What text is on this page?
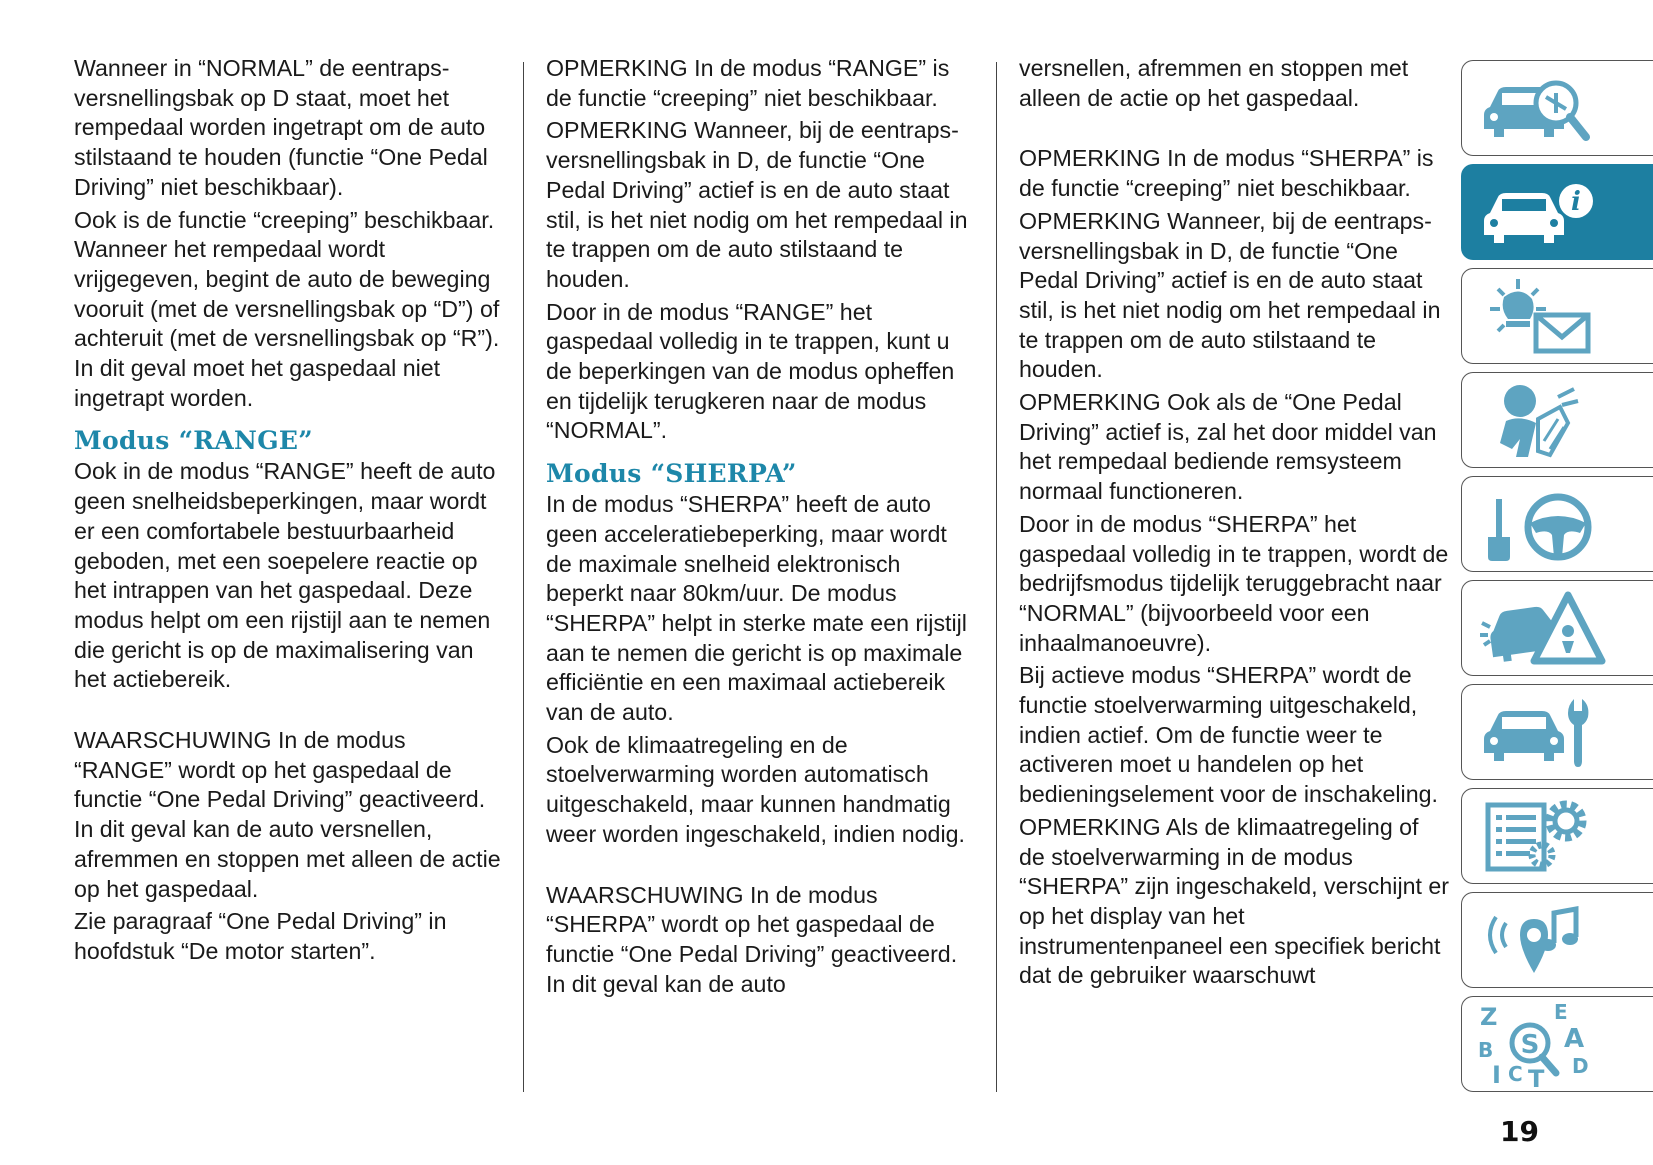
Wanneer in “NORMAL” de eentraps-versnellingsbak op D staat, moet het rempedaal worden ingetrapt om de auto stilstaand te houden (functie “One Pedal Driving” niet beschikbaar).

Ook is de functie “creeping” beschikbaar. Wanneer het rempedaal wordt vrijgegeven, begint de auto de beweging vooruit (met de versnellingsbak op “D”) of achteruit (met de versnellingsbak op “R”). In dit geval moet het gaspedaal niet ingetrapt worden.

Modus “RANGE”

Ook in de modus “RANGE” heeft de auto geen snelheidsbeperkingen, maar wordt er een comfortabele bestuurbaarheid geboden, met een soepelere reactie op het intrappen van het gaspedaal. Deze modus helpt om een rijstijl aan te nemen die gericht is op de maximalisering van het actiebereik.

WAARSCHUWING In de modus “RANGE” wordt op het gaspedaal de functie “One Pedal Driving” geactiveerd. In dit geval kan de auto versnellen, afremmen en stoppen met alleen de actie op het gaspedaal.

Zie paragraaf “One Pedal Driving” in hoofdstuk “De motor starten”.

OPMERKING In de modus “RANGE” is de functie “creeping” niet beschikbaar.

OPMERKING Wanneer, bij de eentraps-versnellingsbak in D, de functie “One Pedal Driving” actief is en de auto staat stil, is het niet nodig om het rempedaal in te trappen om de auto stilstaand te houden.

Door in de modus “RANGE” het gaspedaal volledig in te trappen, kunt u de beperkingen van de modus opheffen en tijdelijk terugkeren naar de modus “NORMAL”.

Modus “SHERPA”

In de modus “SHERPA” heeft de auto geen acceleratiebeperking, maar wordt de maximale snelheid elektronisch beperkt naar 80km/uur. De modus “SHERPA” helpt in sterke mate een rijstijl aan te nemen die gericht is op maximale efficiëntie en een maximaal actiebereik van de auto.

Ook de klimaatregeling en de stoelverwarming worden automatisch uitgeschakeld, maar kunnen handmatig weer worden ingeschakeld, indien nodig.

WAARSCHUWING In de modus “SHERPA” wordt op het gaspedaal de functie “One Pedal Driving” geactiveerd. In dit geval kan de auto

versnellen, afremmen en stoppen met alleen de actie op het gaspedaal.

OPMERKING In de modus “SHERPA” is de functie “creeping” niet beschikbaar.

OPMERKING Wanneer, bij de eentraps-versnellingsbak in D, de functie “One Pedal Driving” actief is en de auto staat stil, is het niet nodig om het rempedaal in te trappen om de auto stilstaand te houden.

OPMERKING Ook als de “One Pedal Driving” actief is, zal het door middel van het rempedaal bediende remsysteem normaal functioneren.

Door in de modus “SHERPA” het gaspedaal volledig in te trappen, wordt de bedrijfsmodus tijdelijk teruggebracht naar “NORMAL” (bijvoorbeeld voor een inhaalmanoeuvre).

Bij actieve modus “SHERPA” wordt de functie stoelverwarming uitgeschakeld, indien actief. Om de functie weer te activeren moet u handelen op het bedieningselement voor de inschakeling.

OPMERKING Als de klimaatregeling of de stoelverwarming in de modus “SHERPA” zijn ingeschakeld, verschijnt er op het display van het instrumentenpaneel een specifiek bericht dat de gebruiker waarschuwt

i
Z	E
A
B
D
I C T
S
19
